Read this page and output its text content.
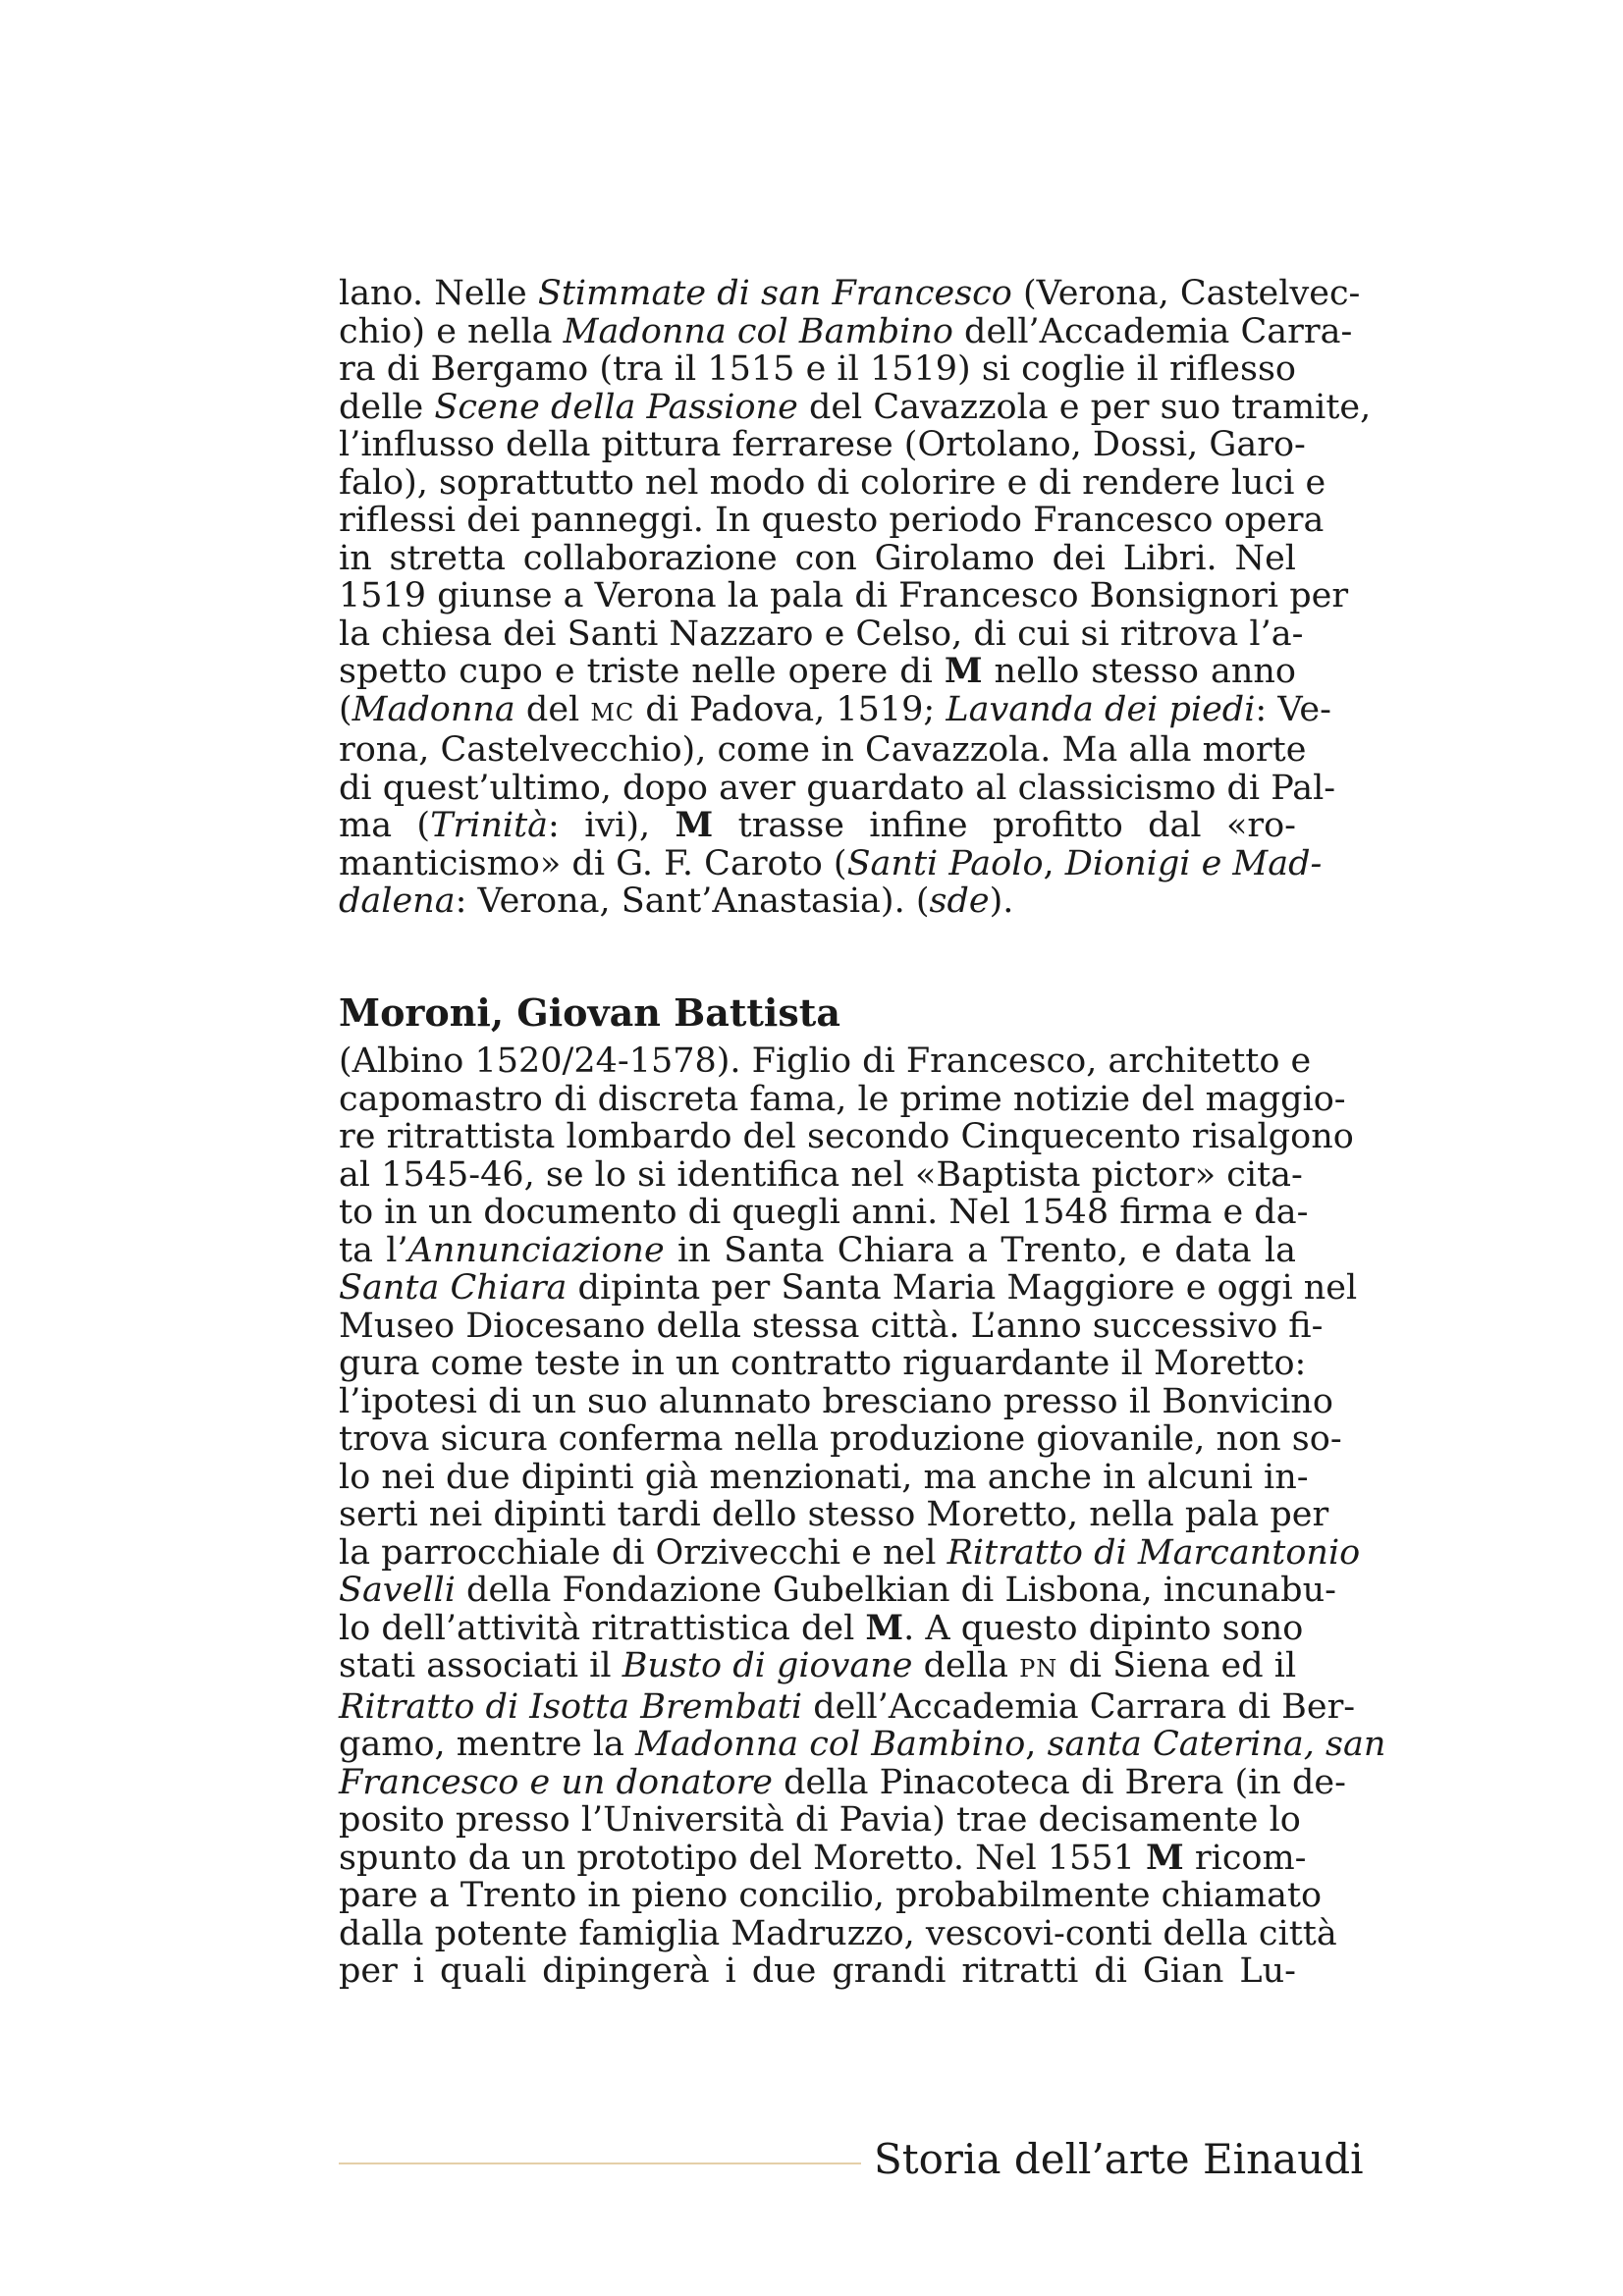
lano. Nelle Stimmate di san Francesco (Verona, Castelvec-
chio) e nella Madonna col Bambino dell’Accademia Carra-
ra di Bergamo (tra il 1515 e il 1519) si coglie il riflesso
delle Scene della Passione del Cavazzola e per suo tramite,
l’influsso della pittura ferrarese (Ortolano, Dossi, Garo-
falo), soprattutto nel modo di colorire e di rendere luci e
riflessi dei panneggi. In questo periodo Francesco opera
in stretta collaborazione con Girolamo dei Libri. Nel
1519 giunse a Verona la pala di Francesco Bonsignori per
la chiesa dei Santi Nazzaro e Celso, di cui si ritrova l’a-
spetto cupo e triste nelle opere di M nello stesso anno
(Madonna del MC di Padova, 1519; Lavanda dei piedi: Ve-
rona, Castelvecchio), come in Cavazzola. Ma alla morte
di quest’ultimo, dopo aver guardato al classicismo di Pal-
ma (Trinità: ivi), M trasse infine profitto dal «ro-
manticismo» di G. F. Caroto (Santi Paolo, Dionigi e Mad-
dalena: Verona, Sant’Anastasia). (sde).
Moroni, Giovan Battista
(Albino 1520/24-1578). Figlio di Francesco, architetto e
capomastro di discreta fama, le prime notizie del maggio-
re ritrattista lombardo del secondo Cinquecento risalgono
al 1545-46, se lo si identifica nel «Baptista pictor» cita-
to in un documento di quegli anni. Nel 1548 firma e da-
ta l’Annunciazione in Santa Chiara a Trento, e data la
Santa Chiara dipinta per Santa Maria Maggiore e oggi nel
Museo Diocesano della stessa città. L’anno successivo fi-
gura come teste in un contratto riguardante il Moretto:
l’ipotesi di un suo alunnato bresciano presso il Bonvicino
trova sicura conferma nella produzione giovanile, non so-
lo nei due dipinti già menzionati, ma anche in alcuni in-
serti nei dipinti tardi dello stesso Moretto, nella pala per
la parrocchiale di Orzivecchi e nel Ritratto di Marcantonio
Savelli della Fondazione Gubelkian di Lisbona, incunabu-
lo dell’attività ritrattistica del M. A questo dipinto sono
stati associati il Busto di giovane della PN di Siena ed il
Ritratto di Isotta Brembati dell’Accademia Carrara di Ber-
gamo, mentre la Madonna col Bambino, santa Caterina, san
Francesco e un donatore della Pinacoteca di Brera (in de-
posito presso l’Università di Pavia) trae decisamente lo
spunto da un prototipo del Moretto. Nel 1551 M ricom-
pare a Trento in pieno concilio, probabilmente chiamato
dalla potente famiglia Madruzzo, vescovi-conti della città
per i quali dipingerà i due grandi ritratti di Gian Lu-
Storia dell’arte Einaudi
